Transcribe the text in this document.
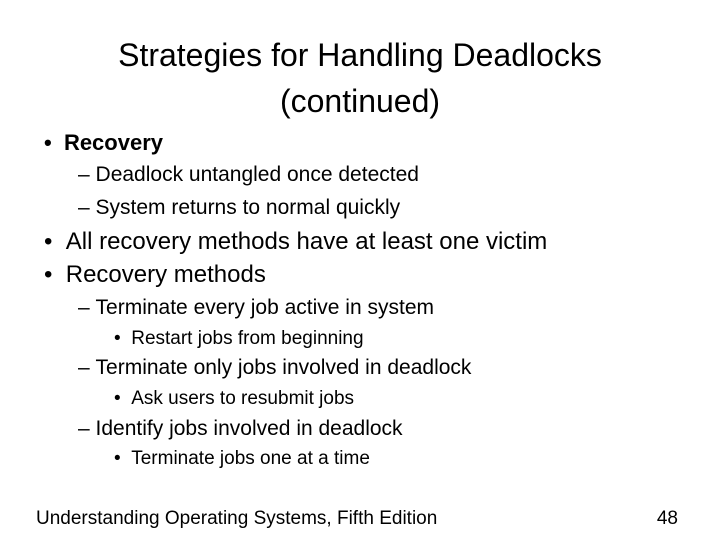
Strategies for Handling Deadlocks
(continued)
• Recovery
– Deadlock untangled once detected
– System returns to normal quickly
• All recovery methods have at least one victim
• Recovery methods
– Terminate every job active in system
• Restart jobs from beginning
– Terminate only jobs involved in deadlock
• Ask users to resubmit jobs
– Identify jobs involved in deadlock
• Terminate jobs one at a time
Understanding Operating Systems, Fifth Edition	48
